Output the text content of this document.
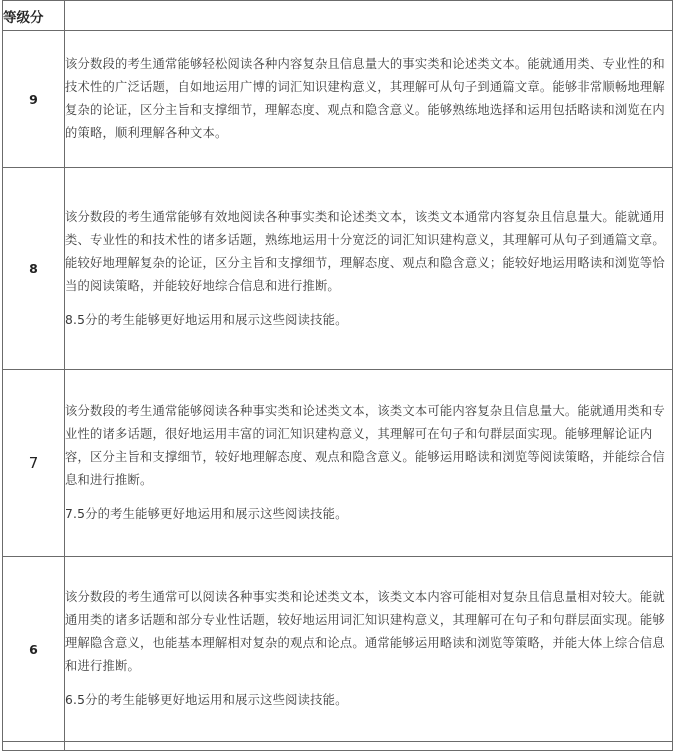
等级分	
9	该分数段的考生通常能够轻松阅读各种内容复杂且信息量大的事实类和论述类文本。能就通用类、专业性的和技术性的广泛话题，自如地运用广博的词汇知识建构意义，其理解可从句子到通篇文章。能够非常顺畅地理解复杂的论证，区分主旨和支撑细节，理解态度、观点和隐含意义。能够熟练地选择和运用包括略读和浏览在内的策略，顺利理解各种文本。

8	该分数段的考生通常能够有效地阅读各种事实类和论述类文本，该类文本通常内容复杂且信息量大。能就通用类、专业性的和技术性的诸多话题，熟练地运用十分宽泛的词汇知识建构意义，其理解可从句子到通篇文章。能较好地理解复杂的论证，区分主旨和支撑细节，理解态度、观点和隐含意义；能较好地运用略读和浏览等恰当的阅读策略，并能较好地综合信息和进行推断。

8.5分的考生能够更好地运用和展示这些阅读技能。

7	该分数段的考生通常能够阅读各种事实类和论述类文本，该类文本可能内容复杂且信息量大。能就通用类和专业性的诸多话题，很好地运用丰富的词汇知识建构意义，其理解可在句子和句群层面实现。能够理解论证内容，区分主旨和支撑细节，较好地理解态度、观点和隐含意义。能够运用略读和浏览等阅读策略，并能综合信息和进行推断。

7.5分的考生能够更好地运用和展示这些阅读技能。

6	该分数段的考生通常可以阅读各种事实类和论述类文本，该类文本内容可能相对复杂且信息量相对较大。能就通用类的诸多话题和部分专业性话题，较好地运用词汇知识建构意义，其理解可在句子和句群层面实现。能够理解隐含意义，也能基本理解相对复杂的观点和论点。通常能够运用略读和浏览等策略，并能大体上综合信息和进行推断。

6.5分的考生能够更好地运用和展示这些阅读技能。
